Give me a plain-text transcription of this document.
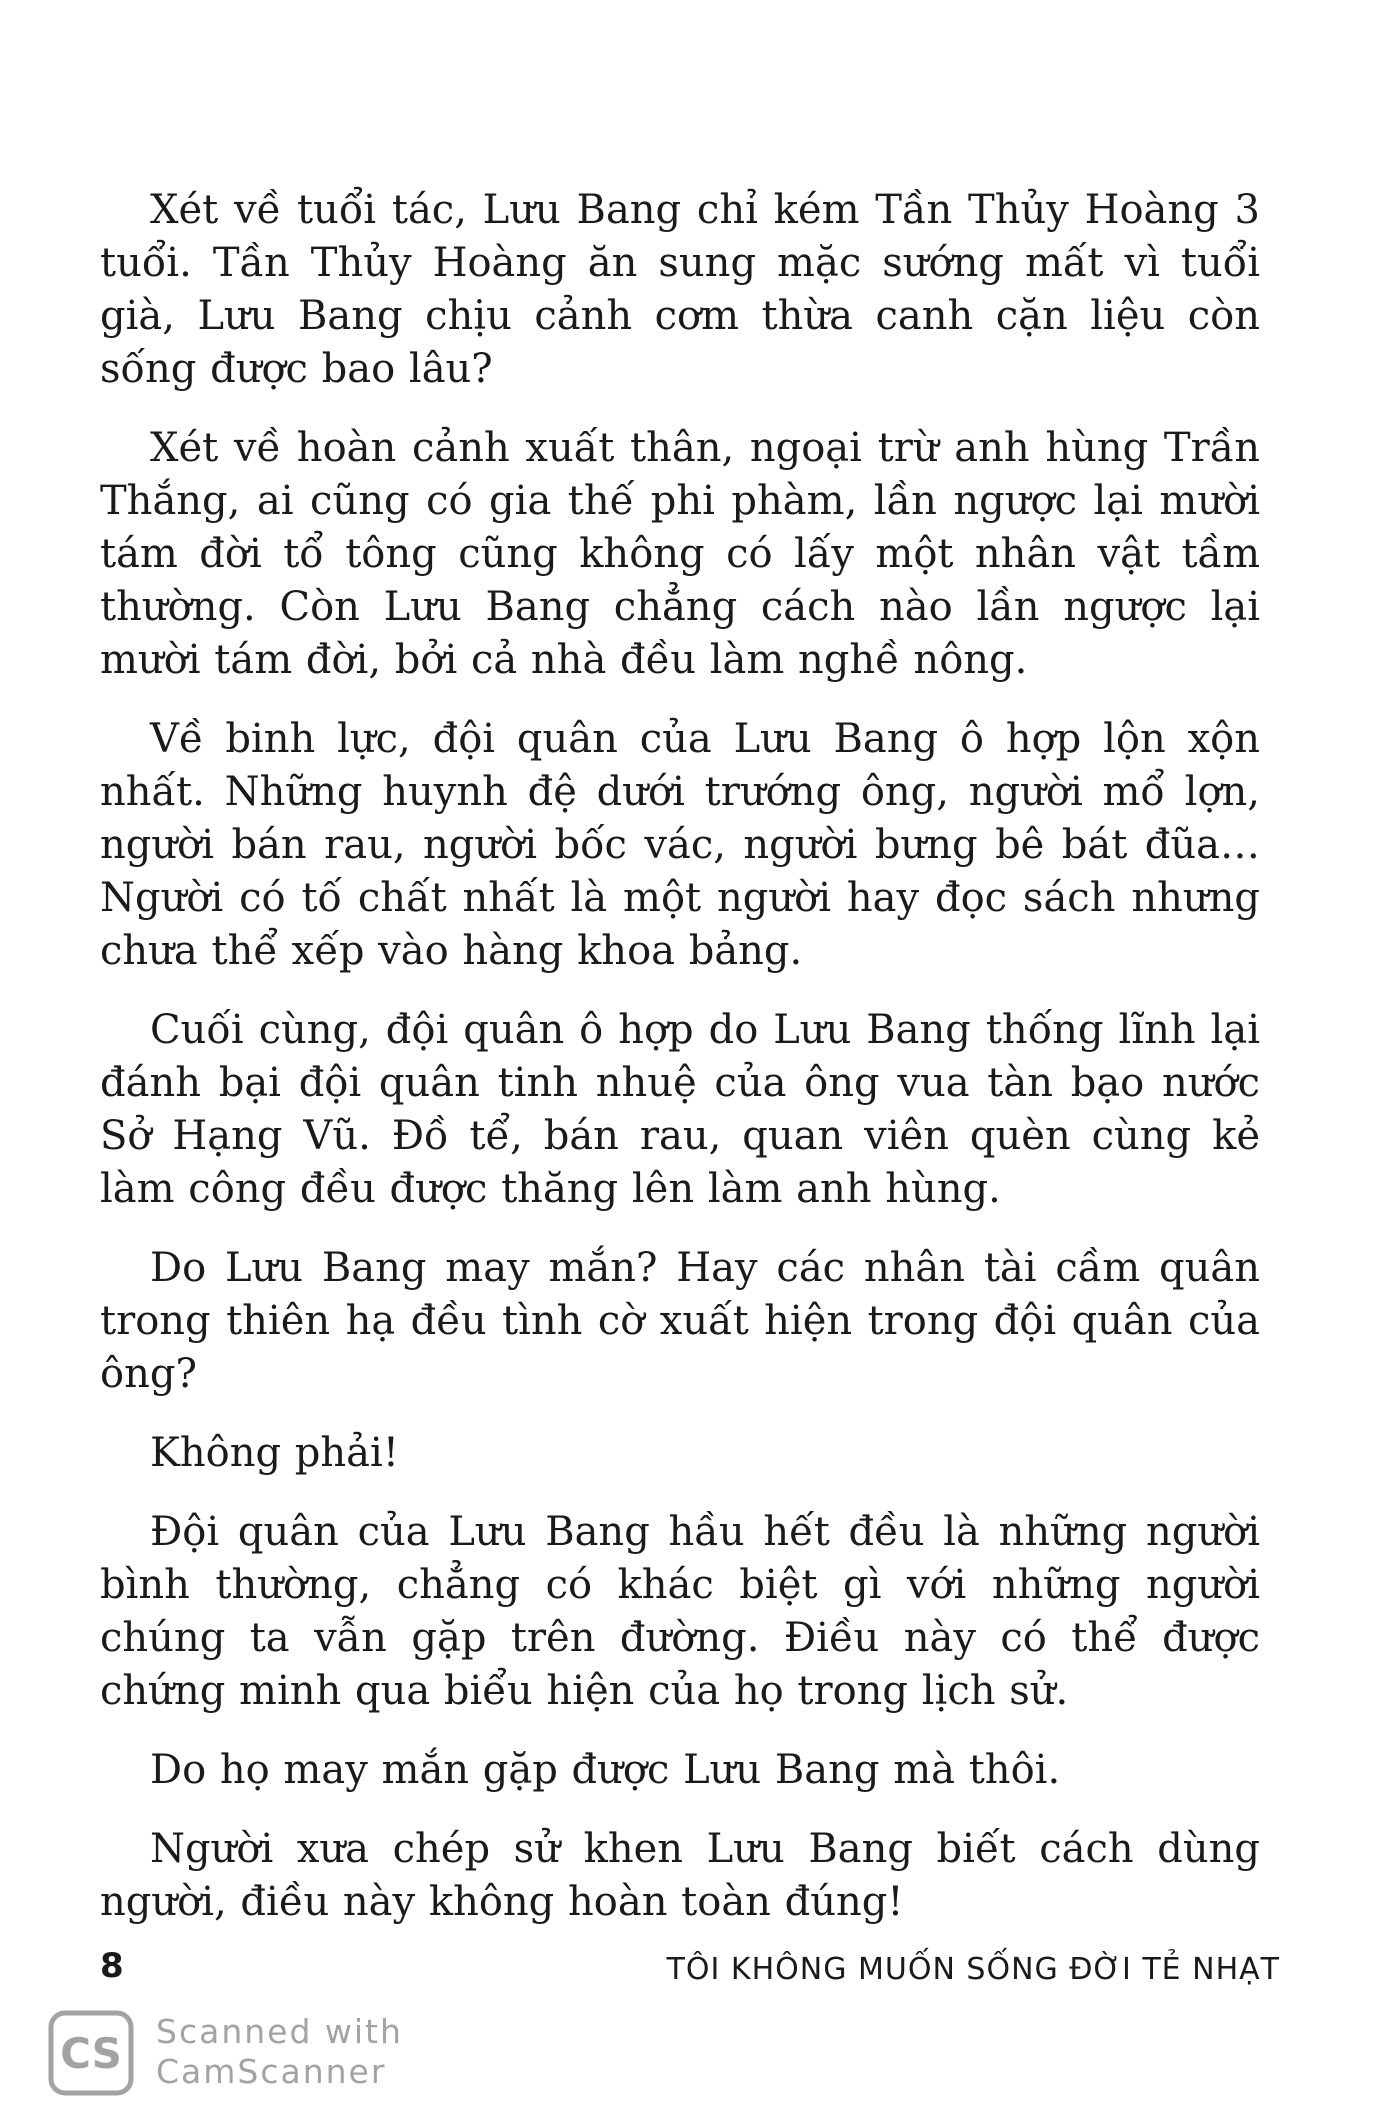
Xét về tuổi tác, Lưu Bang chỉ kém Tần Thủy Hoàng 3 tuổi. Tần Thủy Hoàng ăn sung mặc sướng mất vì tuổi già, Lưu Bang chịu cảnh cơm thừa canh cặn liệu còn sống được bao lâu?

Xét về hoàn cảnh xuất thân, ngoại trừ anh hùng Trần Thắng, ai cũng có gia thế phi phàm, lần ngược lại mười tám đời tổ tông cũng không có lấy một nhân vật tầm thường. Còn Lưu Bang chẳng cách nào lần ngược lại mười tám đời, bởi cả nhà đều làm nghề nông.

Về binh lực, đội quân của Lưu Bang ô hợp lộn xộn nhất. Những huynh đệ dưới trướng ông, người mổ lợn, người bán rau, người bốc vác, người bưng bê bát đũa… Người có tố chất nhất là một người hay đọc sách nhưng chưa thể xếp vào hàng khoa bảng.

Cuối cùng, đội quân ô hợp do Lưu Bang thống lĩnh lại đánh bại đội quân tinh nhuệ của ông vua tàn bạo nước Sở Hạng Vũ. Đồ tể, bán rau, quan viên quèn cùng kẻ làm công đều được thăng lên làm anh hùng.

Do Lưu Bang may mắn? Hay các nhân tài cầm quân trong thiên hạ đều tình cờ xuất hiện trong đội quân của ông?

Không phải!

Đội quân của Lưu Bang hầu hết đều là những người bình thường, chẳng có khác biệt gì với những người chúng ta vẫn gặp trên đường. Điều này có thể được chứng minh qua biểu hiện của họ trong lịch sử.

Do họ may mắn gặp được Lưu Bang mà thôi.

Người xưa chép sử khen Lưu Bang biết cách dùng người, điều này không hoàn toàn đúng!

8	TÔI KHÔNG MUỐN SỐNG ĐỜI TẺ NHẠT
CS Scanned with
CamScanner
